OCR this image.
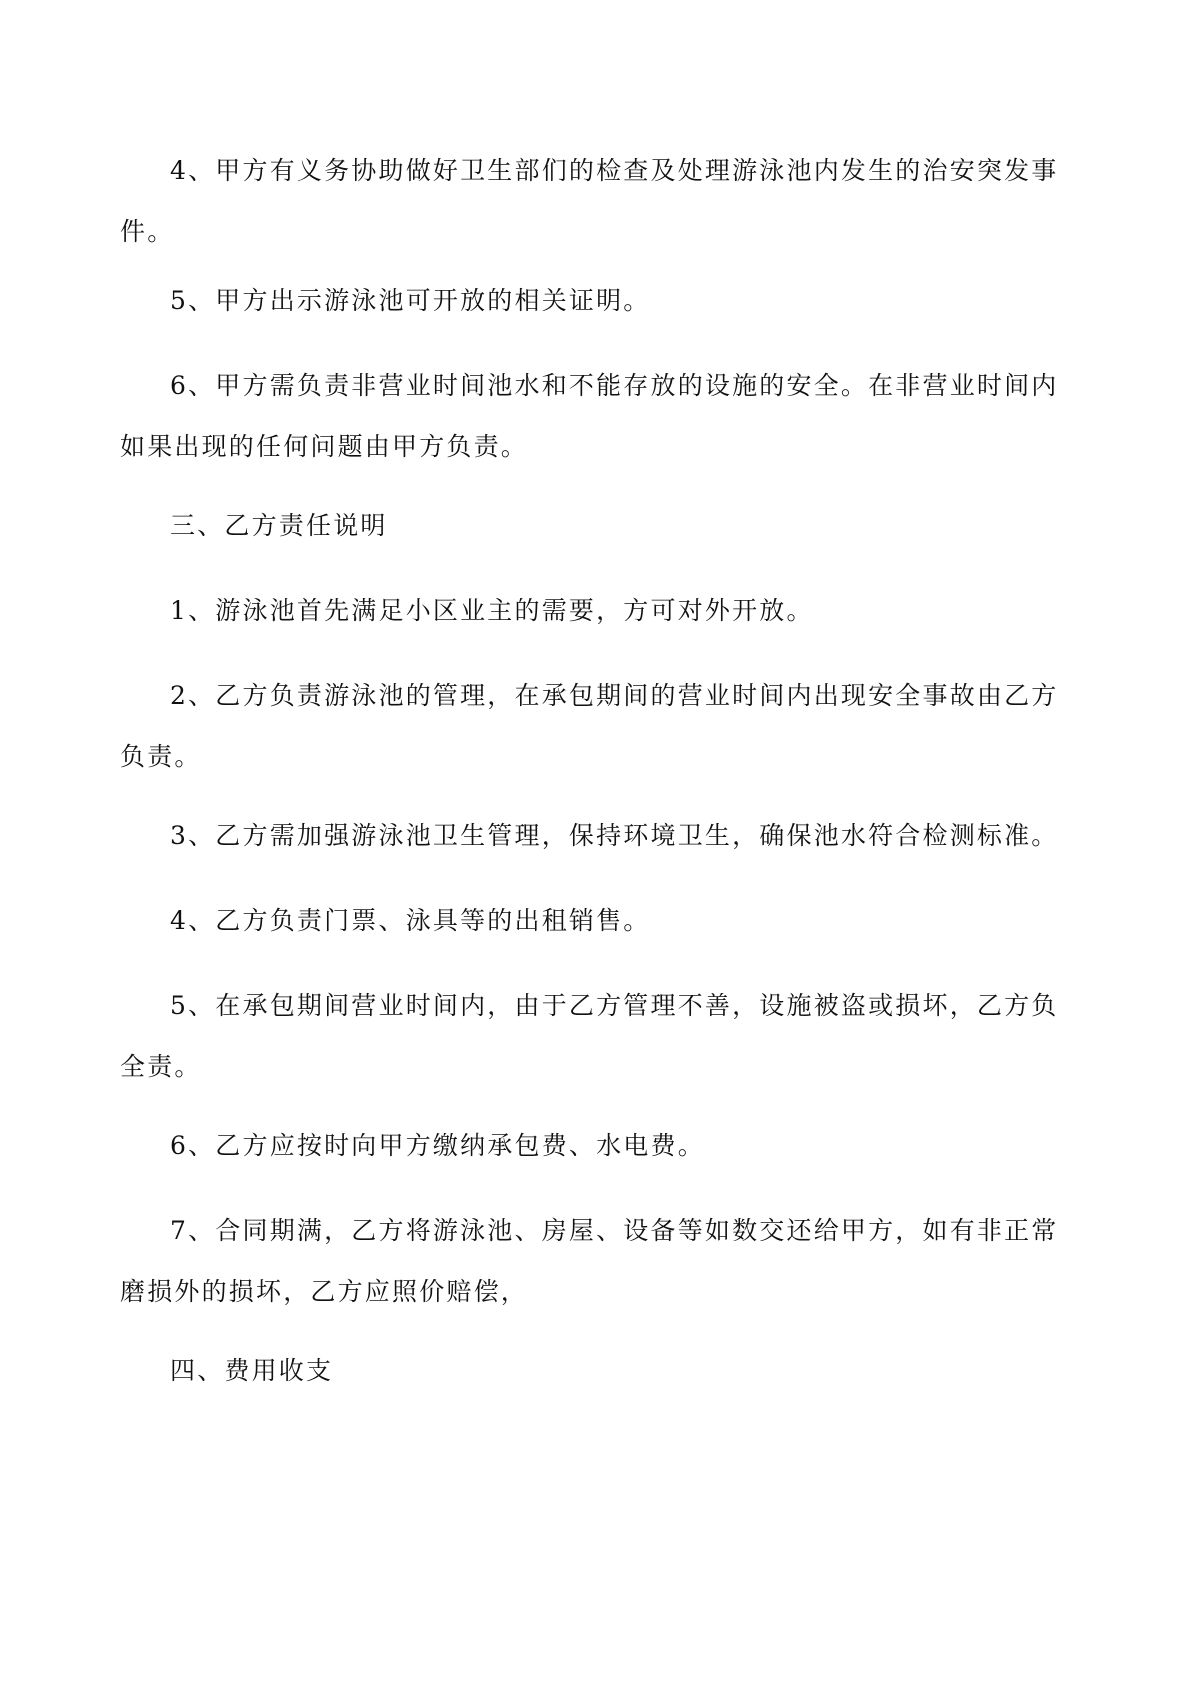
4、甲方有义务协助做好卫生部们的检查及处理游泳池内发生的治安突发事件。

5、甲方出示游泳池可开放的相关证明。

6、甲方需负责非营业时间池水和不能存放的设施的安全。在非营业时间内如果出现的任何问题由甲方负责。

三、乙方责任说明

1、游泳池首先满足小区业主的需要，方可对外开放。

2、乙方负责游泳池的管理，在承包期间的营业时间内出现安全事故由乙方负责。

3、乙方需加强游泳池卫生管理，保持环境卫生，确保池水符合检测标准。

4、乙方负责门票、泳具等的出租销售。

5、在承包期间营业时间内，由于乙方管理不善，设施被盗或损坏，乙方负全责。

6、乙方应按时向甲方缴纳承包费、水电费。

7、合同期满，乙方将游泳池、房屋、设备等如数交还给甲方，如有非正常磨损外的损坏，乙方应照价赔偿，

四、费用收支
